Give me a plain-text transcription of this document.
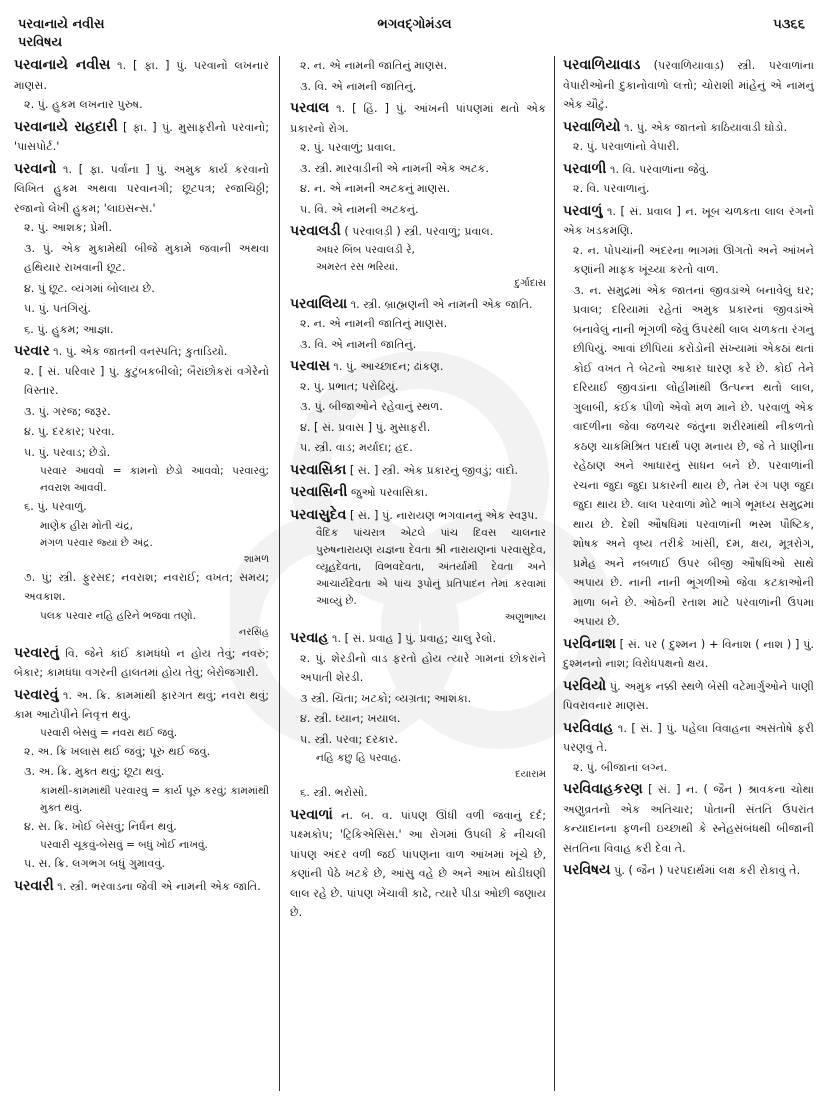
પરવાનાયે નવીસ
પરવિષય
ભગવદ્ગોમંડલ	૫૩૬૬
પરવાનાયે નવીસ ૧. [ ફા. ] પું. પરવાનો લખનાર માણસ.
૨. પું. હુકમ લખનાર પુરુષ.
પરવાનાયે રાહદારી [ ફા. ] પું. મુસાફરીનો પરવાનો; 'પાસપોર્ટ.'
પરવાનો ૧. [ ફા. પર્વાના ] પું. અમુક કાર્ય કરવાનો લિખિત હુકમ અથવા પરવાનગી; છૂટપત્ર; રજાચિઠ્ઠી; રજાનો લેખી હુકમ; 'લાઇસન્સ.'
૨. પું. આશક; પ્રેમી.
૩. પું. એક મુકામેથી બીજે મુકામે જવાની અથવા હથિયાર રાખવાની છૂટ.
૪. પું છૂટ. વ્યંગમાં બોલાય છે.
૫. પું. પતંગિયું.
૬. પું. હુકમ; આજ્ઞા.
પરવાર ૧. પું. એક જાતની વનસ્પતિ; કુતાડિયો.
૨. [ સં. પરિવાર ] પું. કુટુંબકબીલો; બૈરાંછોકરાં વગેરેનો વિસ્તાર.
૩. પું. ગરજ; જરૂર.
૪. પું. દરકાર; પરવા.
૫. પું. પરવાડ; છેડો.
પરવાર આવવો = કામનો છેડો આવવો; પરવારવું; નવરાશ આવવી.
૬. પું. પરવાળું.
માણેક હીરા મોતી ચંદ્ર,
મંગળ પરવાર જ્યાં છે અંદ્ર.
શામળ
૭. પું; સ્ત્રી. ફુરસદ; નવરાશ; નવરાઈ; વખત; સમય; અવકાશ.
પલક પરવાર નહિ હરિને ભજવા તણો.
નરસિંહ
પરવારતું વિ. જેને કાંઈ કામધંધો ન હોય તેવું; નવરું; બેકાર; કામધંધા વગરની હાલતમાં હોય તેવું; બેરોજગારી.
પરવારવું ૧. અ. ક્રિ. કામમાંથી ફારગત થવું; નવરા થવું; કામ આટોપીને નિવૃત્ત થવું.
પરવારી બેસવું = નવરા થઈ જવું.
૨. અ. ક્રિ ખલાસ થઈ જવું; પૂરું થઈ જવું.
૩. અ. ક્રિ. મુક્ત થવું; છૂટા થવું.
કામથી-કામમાંથી પરવારવું = કાર્ય પૂરું કરવું; કામમાંથી મુક્ત થવું.
૪. સ. ક્રિ. ખોઈ બેસવું; નિર્ધન થવું.
પરવારી ચૂકવું-બેસવું = બધું ખોઈ નાખવું.
૫. સ. ક્રિ. લગભગ બધું ગુમાવવું.
પરવારી ૧. સ્ત્રી. ભરવાડના જેવી એ નામની એક જાતિ.
૨. ન. એ નામની જાતિનું માણસ.
૩. વિ. એ નામની જાતિનું.
પરવાલ ૧. [ હિં. ] પું. આંખની પાંપણમાં થતો એક પ્રકારનો રોગ.
૨. પું. પરવાળું; પ્રવાલ.
૩. સ્ત્રી. મારવાડીની એ નામની એક અટક.
૪. ન. એ નામની અટકનું માણસ.
૫. વિ. એ નામની અટકનું.
પરવાલડી ( પરવાલડ઼ી ) સ્ત્રી. પરવાળું; પ્રવાલ.
અધર બિંબ પરવાલડી રે,
અમરત રસ ભરિયાં.
દુર્ગાદાસ
પરવાલિયા ૧. સ્ત્રી. બ્રાહ્મણની એ નામની એક જાતિ.
૨. ન. એ નામની જાતિનું માણસ.
૩. વિ. એ નામની જાતિનું.
પરવાસ ૧. પું. આચ્છાદન; ઢાંકણ.
૨. પું. પ્રભાત; પરોઢિયું.
૩. પું. બીજાઓને રહેવાનું સ્થળ.
૪. [ સં. પ્રવાસ ] પું. મુસાફરી.
૫. સ્ત્રી. વાડ; મર્યાદા; હદ.
પરવાસિકા [ સં. ] સ્ત્રી. એક પ્રકારનું જીવડું; વાંદો.
પરવાસિની જુઓ પરવાસિકા.
પરવાસુદેવ [ સં. ] પું. નારાયણ ભગવાનનું એક સ્વરૂપ.
વૈદિક પાંચરાત્ર એટલે પાંચ દિવસ ચાલનાર પુરુષનારાયણ યજ્ઞના દેવતા શ્રી નારાયણનાં પરવાસુદેવ, વ્યૂહદેવતા, વિભવદેવતા, અંતર્યામી દેવતા અને આચાર્યદેવતા એ પાંચ રૂપોનું પ્રતિપાદન તેમાં કરવામાં આવ્યું છે.
અણુભાષ્ય
પરવાહ ૧. [ સં. પ્રવાહ ] પું. પ્રવાહ; ચાલુ રેલો.
૨. પું. શેરડીનો વાડ ફરતો હોય ત્યારે ગામનાં છોકરાંને અપાતી શેરડી.
૩ સ્ત્રી. ચિંતા; ખટકો; વ્યગ્રતા; આશંકા.
૪. સ્ત્રી. ધ્યાન; ખયાલ.
૫. સ્ત્રી. પરવા; દરકાર.
નહિ કછુ હિ પરવાહ.
દયારામ
૬. સ્ત્રી. ભરોસો.
પરવાળાં ન. બ. વ. પાંપણ ઊંધી વળી જવાનું દર્દ; પક્ષ્મકોપ; 'ટ્રિકિએસિસ.' આ રોગમાં ઉપલી કે નીચલી પાંપણ અંદર વળી જઈ પાંપણના વાળ આંખમાં ખૂંચે છે, કણાંની પેઠે ખટકે છે, આંસુ વહે છે અને આંખ થોડીઘણી લાલ રહે છે. પાંપણ ખેંચાવી કાઢે, ત્યારે પીડા ઓછી જણાય છે.
પરવાળિયાવાડ (પરવાળિયાવાડ઼) સ્ત્રી. પરવાળાંના વેપારીઓની દુકાનોવાળો લત્તો; ચોરાશી માંહેનું એ નામનું એક ચૌટું.
પરવાળિયો ૧. પું. એક જાતનો કાઠિયાવાડી ઘોડો.
૨. પું. પરવાળાંનો વેપારી.
પરવાળી ૧. વિ. પરવાળાંના જેવું.
૨. વિ. પરવાળાનું.
પરવાળું ૧. [ સં. પ્રવાલ ] ન. ખૂબ ચળકતા લાલ રંગનો એક ખડકમણિ.
૨. ન. પોપચાંની અંદરના ભાગમાં ઊગતો અને આંખને કણાંની માફક ખૂંચ્યા કરતો વાળ.
૩. ન. સમુદ્રમાં એક જાતનાં જીવડાંએ બનાવેલું ઘર; પ્રવાલ; દરિયામાં રહેતાં અમુક પ્રકારનાં જીવડાંએ બનાવેલું નાની ભૂંગળી જેવું ઉપરથી લાલ ચળકતા રંગનું છીપિયું. આવાં છીપિયાં કરોડોની સંખ્યામાં એકઠાં થતાં કોઈ વખત તે બેટનો આકાર ધારણ કરે છે. કોઈ તેને દરિયાઈ જીવડાંના લોહીમાંથી ઉત્પન્ન થતો લાલ, ગુલાબી, કંઈક પીળો એવો મળ માને છે. પરવાળું એક વાદળીના જેવા જળચર જંતુના શરીરમાંથી નીકળતો કઠણ ચાકમિશ્રિત પદાર્થ પણ મનાય છે, જે તે પ્રાણીના રહેઠાણ અને આધારનું સાધન બને છે. પરવાળાંની રચના જુદા જુદા પ્રકારની થાય છે, તેમ રંગ પણ જુદા જુદા થાય છે. લાલ પરવાળાં મોટે ભાગે ભૂમધ્ય સમુદ્રમાં થાય છે. દેશી ઔષધિમાં પરવાળાંની ભસ્મ પૌષ્ટિક, શોષક અને વૃષ્ય તરીકે ખાંસી, દમ, ક્ષય, મૂત્રરોગ, પ્રમેહ અને નબળાઈ ઉપર બીજી ઔષધિઓ સાથે અપાય છે. નાની નાની ભૂંગળીઓ જેવા કટકાઓની માળા બને છે. ઓઠની રતાશ માટે પરવાળાંની ઉપમા અપાય છે.
પરવિનાશ [ સં. પર ( દુશ્મન ) + વિનાશ ( નાશ ) ] પું. દુશ્મનનો નાશ; વિરોધપક્ષનો ક્ષય.
પરવિયો પું. અમુક નક્કી સ્થળે બેસી વટેમાર્ગુઓને પાણી પિવરાવનાર માણસ.
પરવિવાહ ૧. [ સં. ] પું. પહેલા વિવાહના અસંતોષે ફરી પરણવું તે.
૨. પું. બીજાનાં લગ્ન.
પરવિવાહકરણ [ સં. ] ન. ( જૈન ) શ્રાવકના ચોથા અણુવ્રતનો એક અતિચાર; પોતાની સંતતિ ઉપરાંત કન્યાદાનના ફળની ઇચ્છાથી કે સ્નેહસંબંધથી બીજાની સંતતિના વિવાહ કરી દેવા તે.
પરવિષય પું. ( જૈન ) પરપદાર્થમાં લક્ષ કરી રોકાવું તે.
